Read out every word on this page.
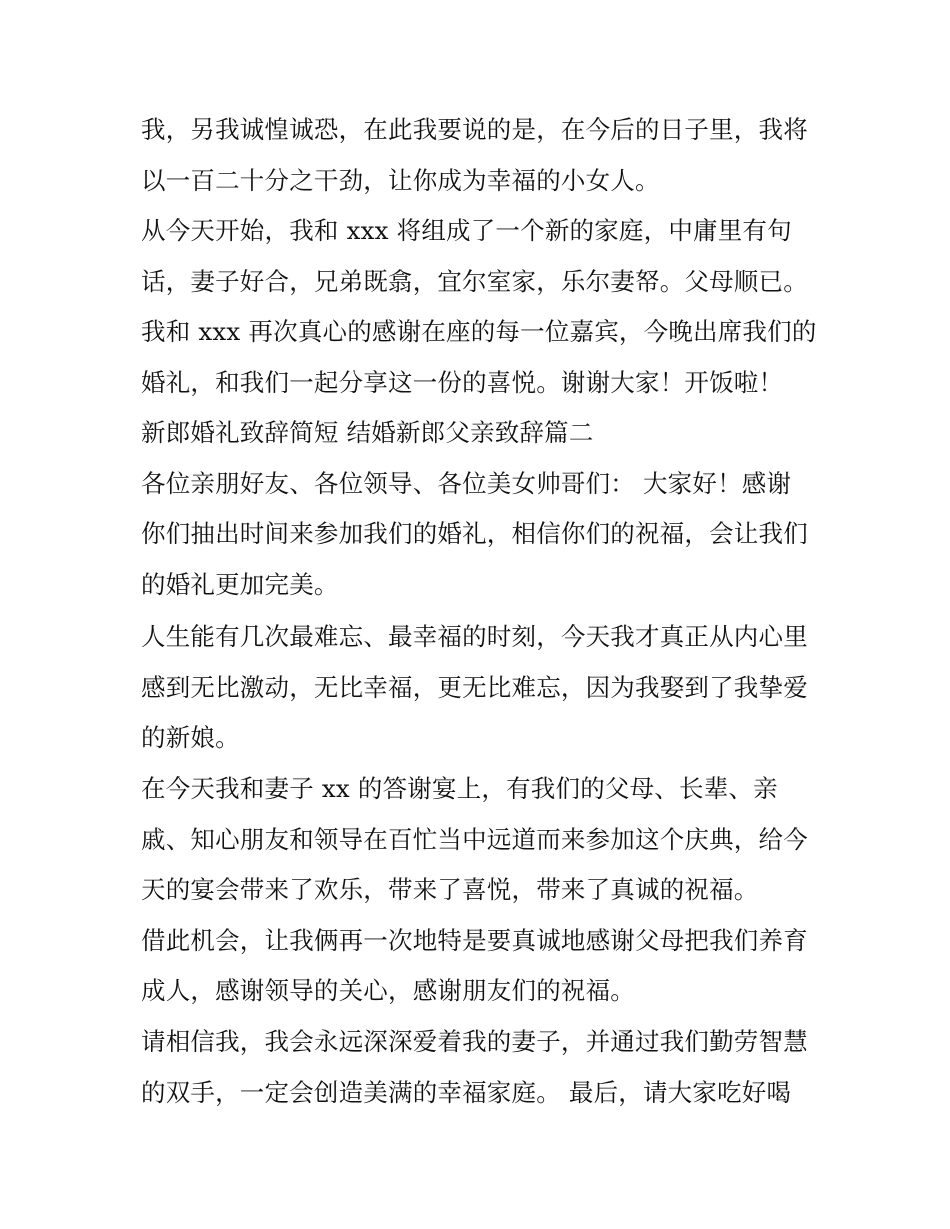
我，另我诚惶诚恐，在此我要说的是，在今后的日子里，我将
以一百二十分之干劲，让你成为幸福的小女人。
从今天开始，我和 xxx 将组成了一个新的家庭，中庸里有句
话，妻子好合，兄弟既翕，宜尔室家，乐尔妻帑。父母顺已。
我和 xxx 再次真心的感谢在座的每一位嘉宾，今晚出席我们的
婚礼，和我们一起分享这一份的喜悦。谢谢大家！开饭啦！
新郎婚礼致辞简短 结婚新郎父亲致辞篇二
各位亲朋好友、各位领导、各位美女帅哥们： 大家好！感谢
你们抽出时间来参加我们的婚礼，相信你们的祝福，会让我们
的婚礼更加完美。
人生能有几次最难忘、最幸福的时刻，今天我才真正从内心里
感到无比激动，无比幸福，更无比难忘，因为我娶到了我挚爱
的新娘。
在今天我和妻子 xx 的答谢宴上，有我们的父母、长辈、亲
戚、知心朋友和领导在百忙当中远道而来参加这个庆典，给今
天的宴会带来了欢乐，带来了喜悦，带来了真诚的祝福。
借此机会，让我俩再一次地特是要真诚地感谢父母把我们养育
成人，感谢领导的关心，感谢朋友们的祝福。
请相信我，我会永远深深爱着我的妻子，并通过我们勤劳智慧
的双手，一定会创造美满的幸福家庭。 最后，请大家吃好喝
